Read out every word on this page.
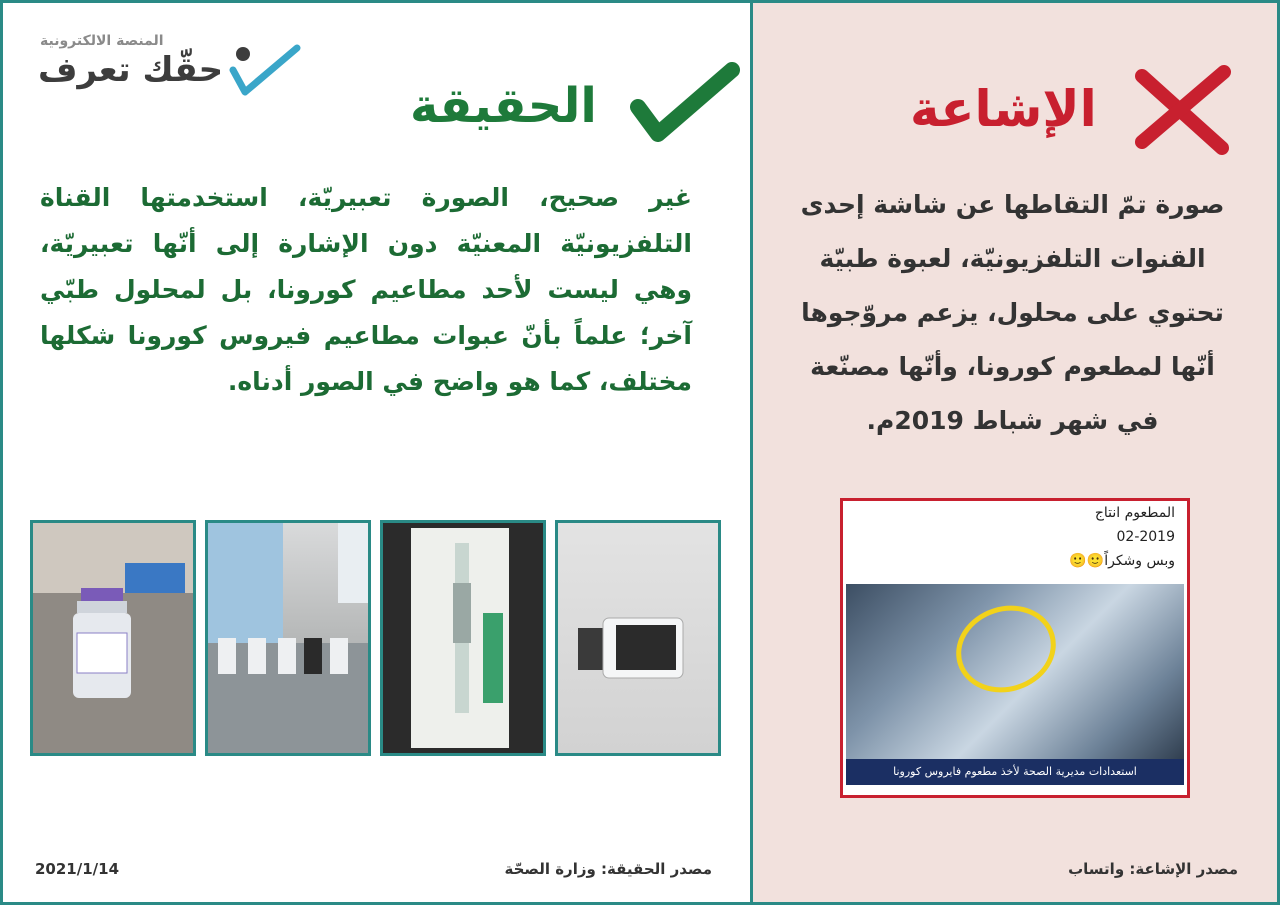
المنصة الالكترونية
حقّك تعرف
الحقيقة
غير صحيح، الصورة تعبيريّة، استخدمتها القناة التلفزيونيّة المعنيّة دون الإشارة إلى أنّها تعبيريّة، وهي ليست لأحد مطاعيم كورونا، بل لمحلول طبّي آخر؛ علماً بأنّ عبوات مطاعيم فيروس كورونا شكلها مختلف، كما هو واضح في الصور أدناه.
الإشاعة
صورة تمّ التقاطها عن شاشة إحدى القنوات التلفزيونيّة، لعبوة طبيّة تحتوي على محلول، يزعم مروّجوها أنّها لمطعوم كورونا، وأنّها مصنّعة في شهر شباط 2019م.
المطعوم انتاج
02-2019
وبس وشكراً🙂🙂
استعدادات مديرية الصحة لأخذ مطعوم فايروس كورونا
مصدر الحقيقة: وزارة الصحّة
2021/1/14	مصدر الإشاعة: واتساب
